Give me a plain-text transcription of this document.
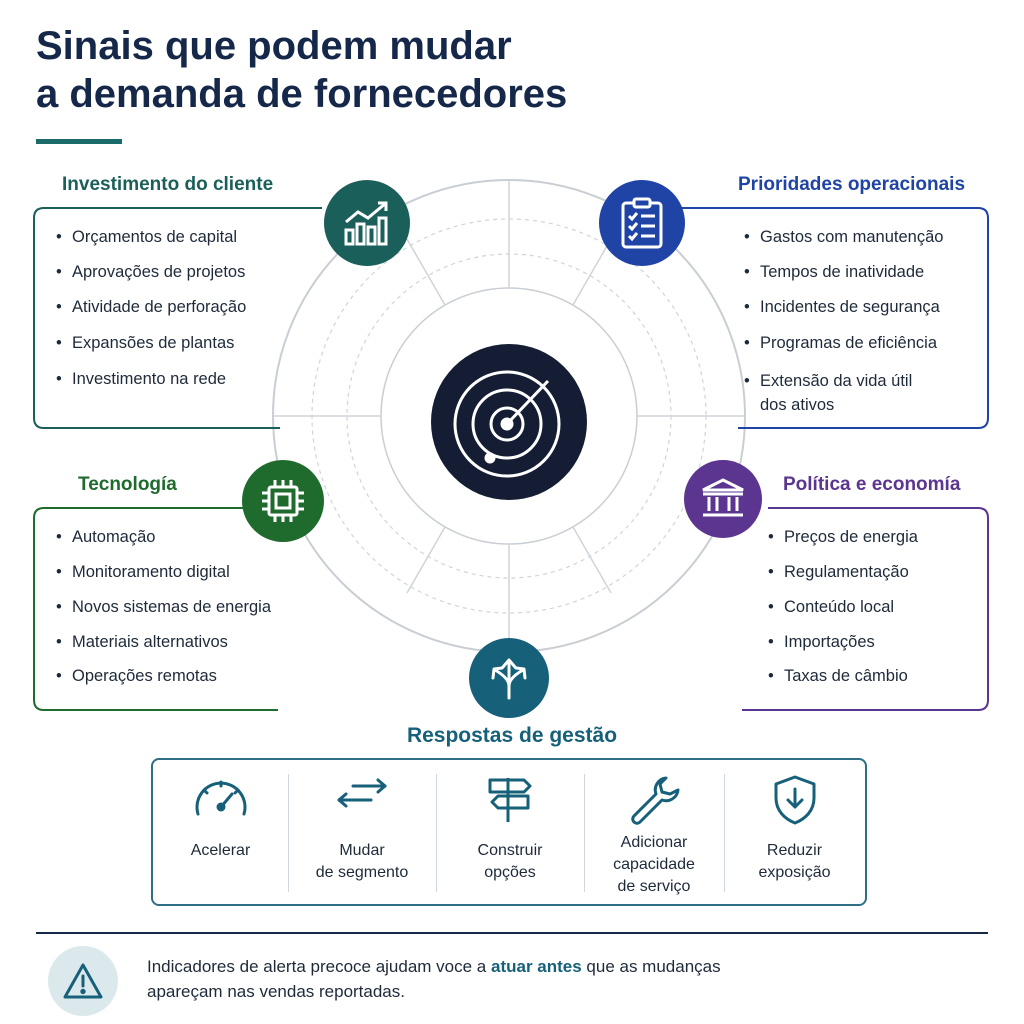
Sinais que podem mudar
a demanda de fornecedores
Investimento do cliente
• Orçamentos de capital
• Aprovações de projetos
• Atividade de perforação
• Expansões de plantas
• Investimento na rede
Prioridades operacionais
• Gastos com manutenção
• Tempos de inatividade
• Incidentes de segurança
• Programas de eficiência
• Extensão da vida útil dos ativos
Tecnología
• Automação
• Monitoramento digital
• Novos sistemas de energia
• Materiais alternativos
• Operações remotas
Política e economía
• Preços de energia
• Regulamentação
• Conteúdo local
• Importações
• Taxas de câmbio
Respostas de gestão
Acelerar	Mudar
de segmento
Construir
opções
Adicionar
capacidade
de serviço
Reduzir
exposição

Indicadores de alerta precoce ajudam voce a atuar antes que as mudanças apareçam nas vendas reportadas.
